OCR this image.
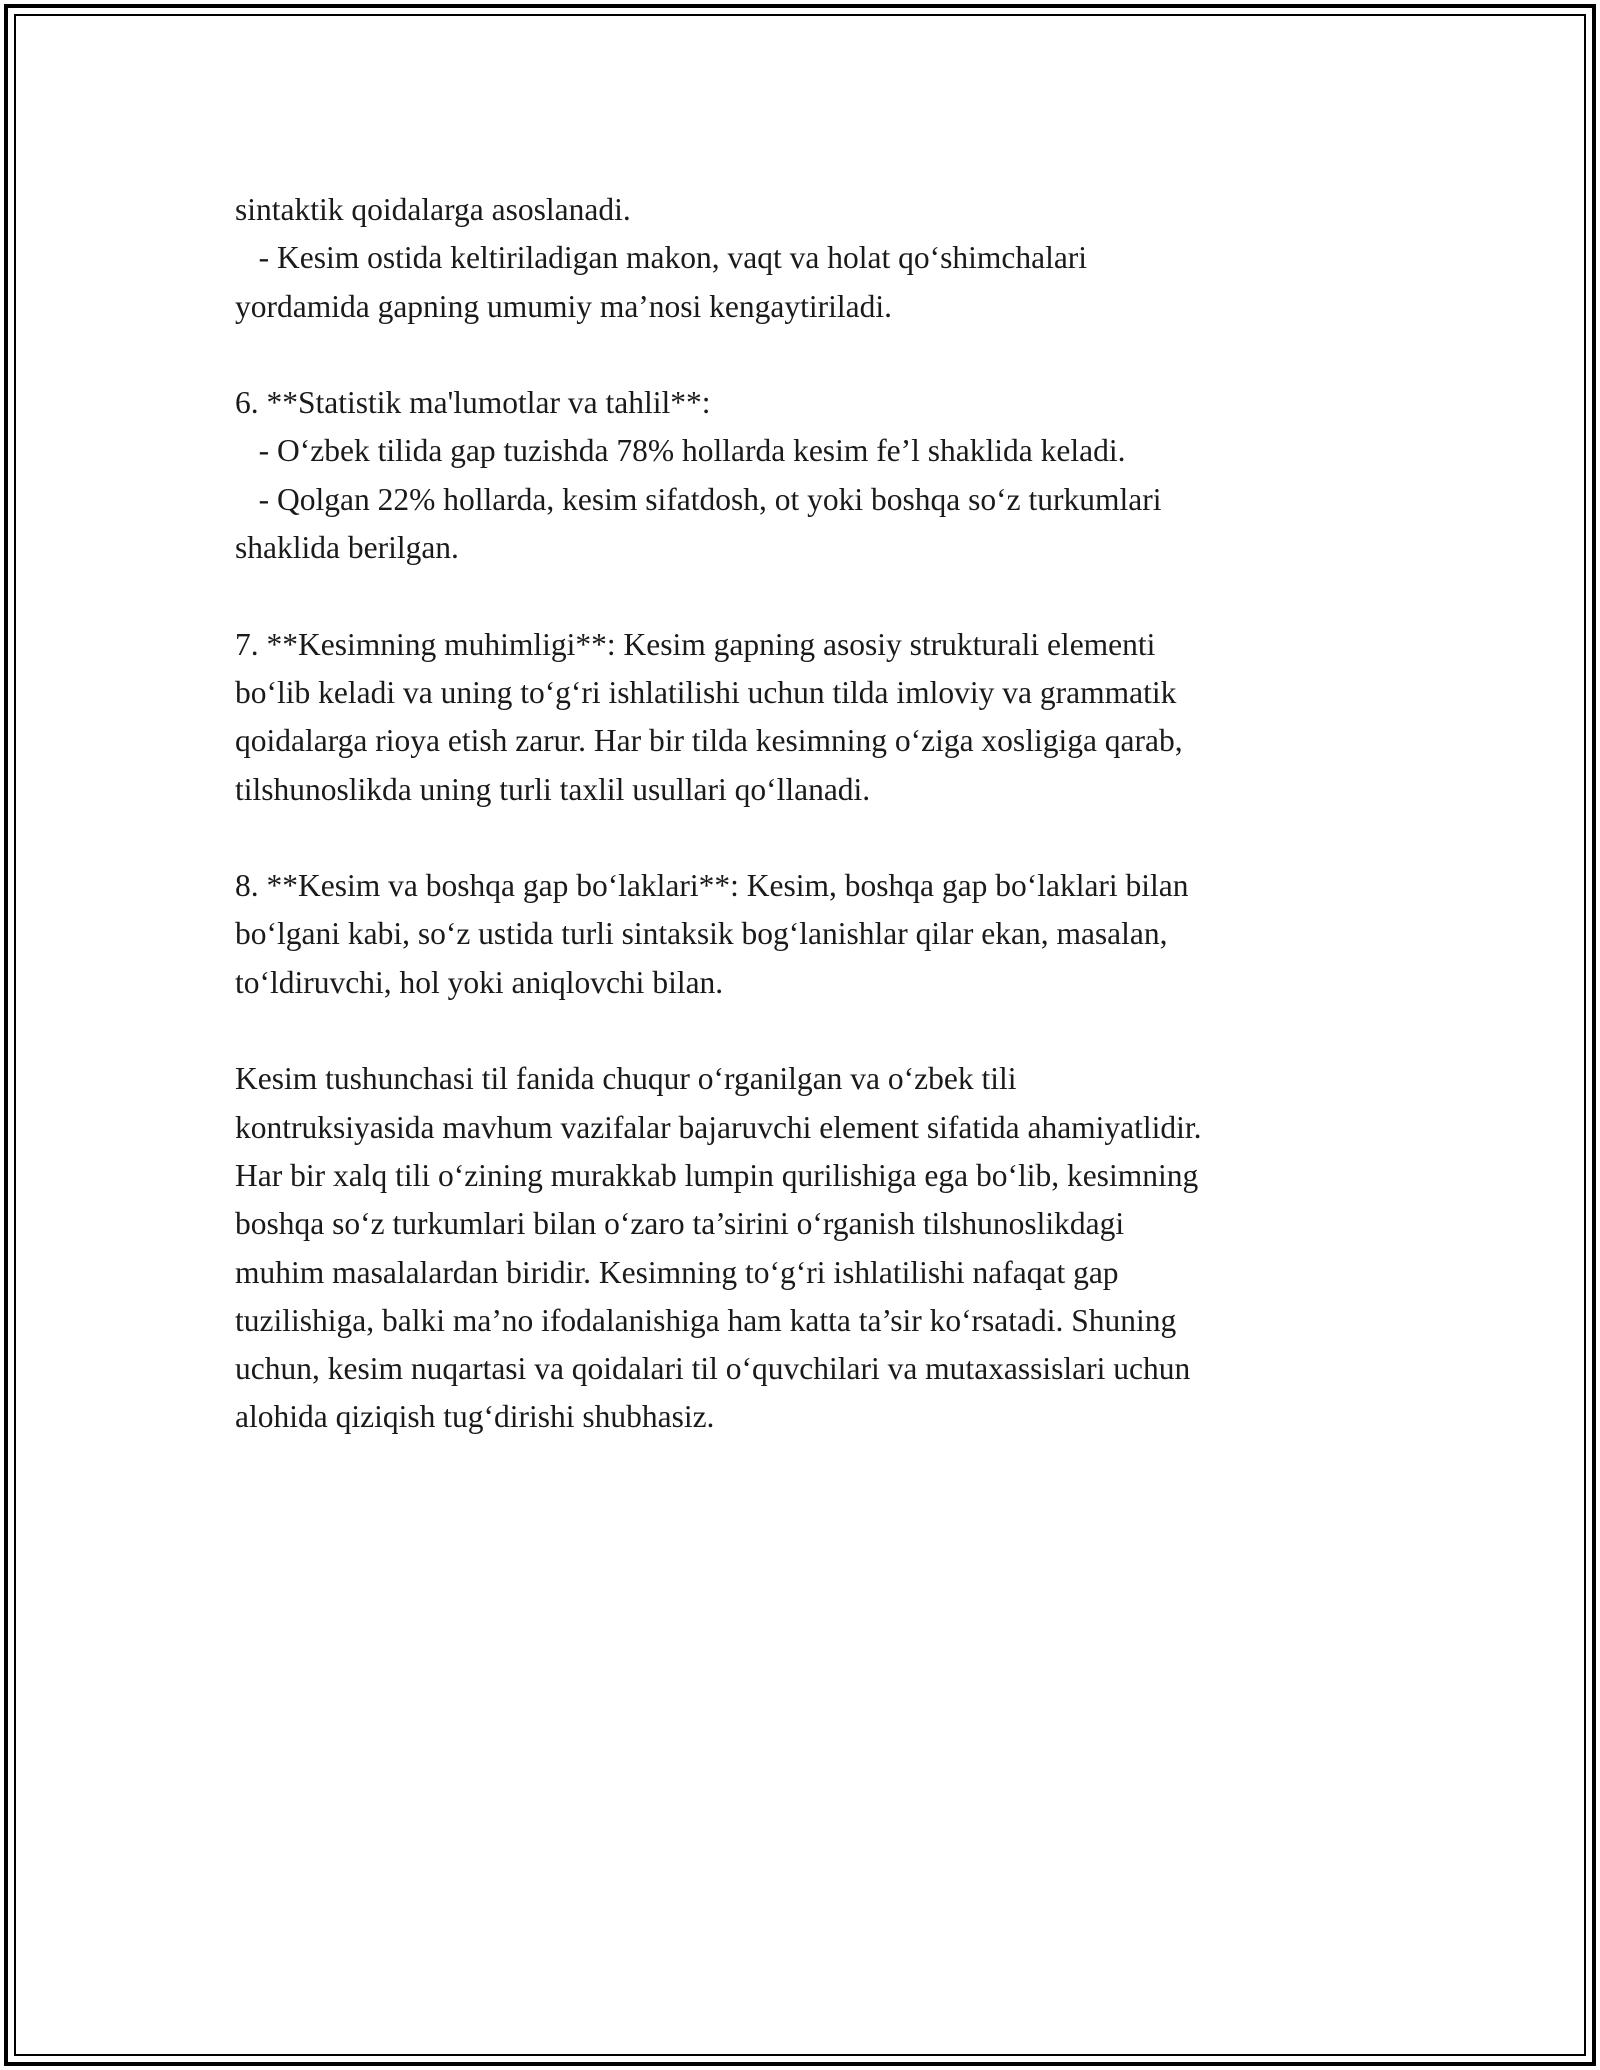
sintaktik qoidalarga asoslanadi.
- Kesim ostida keltiriladigan makon, vaqt va holat qo‘shimchalari
yordamida gapning umumiy ma’nosi kengaytiriladi.
6. **Statistik ma'lumotlar va tahlil**:
- O‘zbek tilida gap tuzishda 78% hollarda kesim fe’l shaklida keladi.
- Qolgan 22% hollarda, kesim sifatdosh, ot yoki boshqa so‘z turkumlari
shaklida berilgan.
7. **Kesimning muhimligi**: Kesim gapning asosiy strukturali elementi
bo‘lib keladi va uning to‘g‘ri ishlatilishi uchun tilda imloviy va grammatik
qoidalarga rioya etish zarur. Har bir tilda kesimning o‘ziga xosligiga qarab,
tilshunoslikda uning turli taxlil usullari qo‘llanadi.
8. **Kesim va boshqa gap bo‘laklari**: Kesim, boshqa gap bo‘laklari bilan
bo‘lgani kabi, so‘z ustida turli sintaksik bog‘lanishlar qilar ekan, masalan,
to‘ldiruvchi, hol yoki aniqlovchi bilan.
Kesim tushunchasi til fanida chuqur o‘rganilgan va o‘zbek tili
kontruksiyasida mavhum vazifalar bajaruvchi element sifatida ahamiyatlidir.
Har bir xalq tili o‘zining murakkab lumpin qurilishiga ega bo‘lib, kesimning
boshqa so‘z turkumlari bilan o‘zaro ta’sirini o‘rganish tilshunoslikdagi
muhim masalalardan biridir. Kesimning to‘g‘ri ishlatilishi nafaqat gap
tuzilishiga, balki ma’no ifodalanishiga ham katta ta’sir ko‘rsatadi. Shuning
uchun, kesim nuqartasi va qoidalari til o‘quvchilari va mutaxassislari uchun
alohida qiziqish tug‘dirishi shubhasiz.
